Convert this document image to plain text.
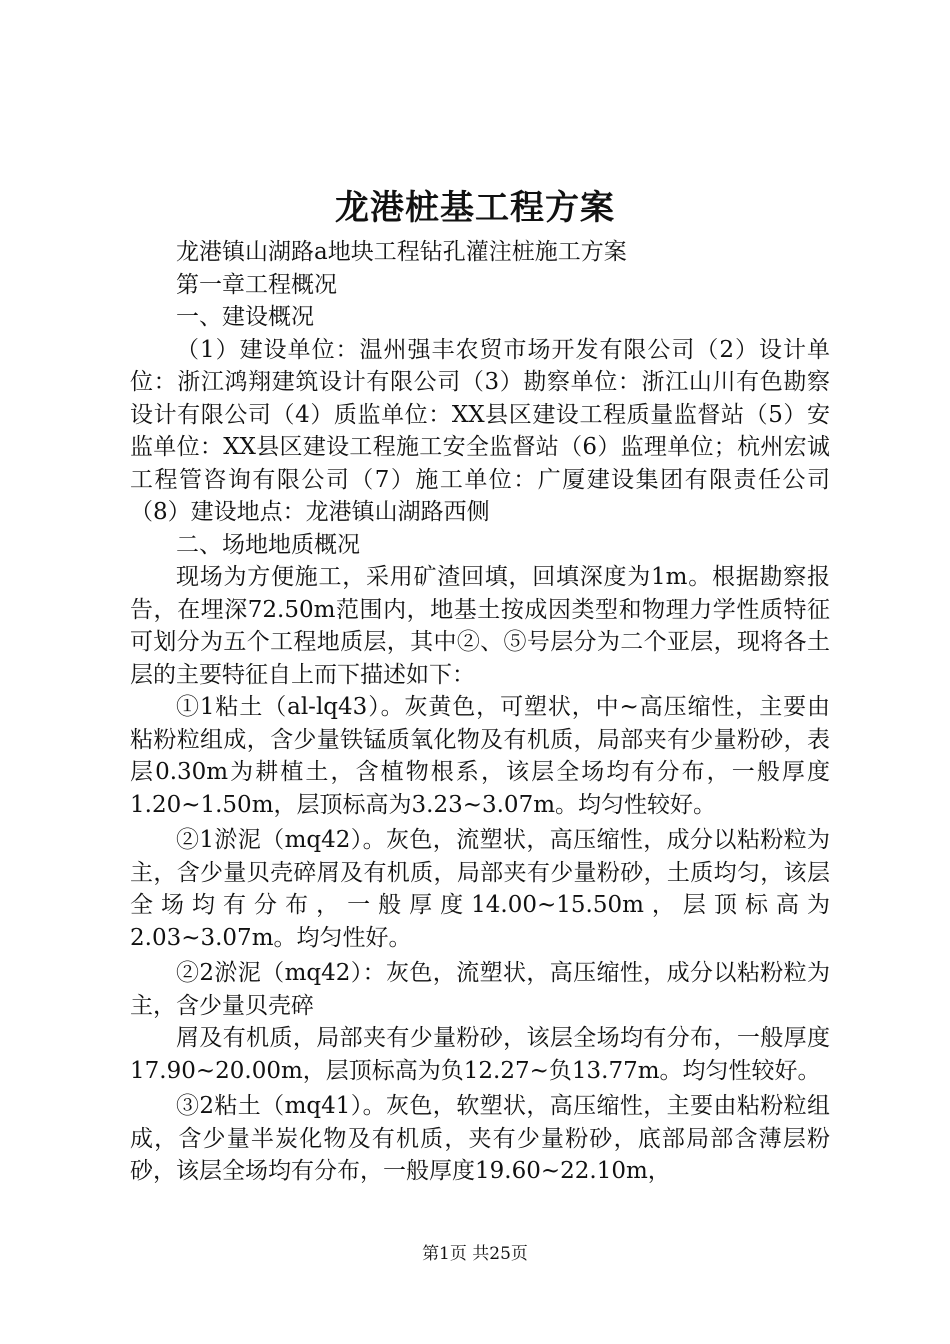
龙港桩基工程方案

龙港镇山湖路a地块工程钻孔灌注桩施工方案

第一章工程概况

一、建设概况

（1）建设单位：温州强丰农贸市场开发有限公司（2）设计单位：浙江鸿翔建筑设计有限公司（3）勘察单位：浙江山川有色勘察设计有限公司（4）质监单位：XX县区建设工程质量监督站（5）安监单位：XX县区建设工程施工安全监督站（6）监理单位；杭州宏诚工程管咨询有限公司（7）施工单位：广厦建设集团有限责任公司（8）建设地点：龙港镇山湖路西侧

二、场地地质概况

现场为方便施工，采用矿渣回填，回填深度为1m。根据勘察报告，在埋深72.50m范围内，地基土按成因类型和物理力学性质特征可划分为五个工程地质层，其中②、⑤号层分为二个亚层，现将各土层的主要特征自上而下描述如下：

①1粘土（al-lq43）。灰黄色，可塑状，中~高压缩性，主要由粘粉粒组成，含少量铁锰质氧化物及有机质，局部夹有少量粉砂，表层0.30m为耕植土，含植物根系，该层全场均有分布，一般厚度1.20~1.50m，层顶标高为3.23~3.07m。均匀性较好。

②1淤泥（mq42）。灰色，流塑状，高压缩性，成分以粘粉粒为主，含少量贝壳碎屑及有机质，局部夹有少量粉砂，土质均匀，该层全场均有分布，一般厚度14.00~15.50m，层顶标高为2.03~3.07m。均匀性好。

②2淤泥（mq42）：灰色，流塑状，高压缩性，成分以粘粉粒为主，含少量贝壳碎

屑及有机质，局部夹有少量粉砂，该层全场均有分布，一般厚度17.90~20.00m，层顶标高为负12.27~负13.77m。均匀性较好。

③2粘土（mq41）。灰色，软塑状，高压缩性，主要由粘粉粒组成，含少量半炭化物及有机质，夹有少量粉砂，底部局部含薄层粉砂，该层全场均有分布，一般厚度19.60~22.10m，

第1页 共25页
